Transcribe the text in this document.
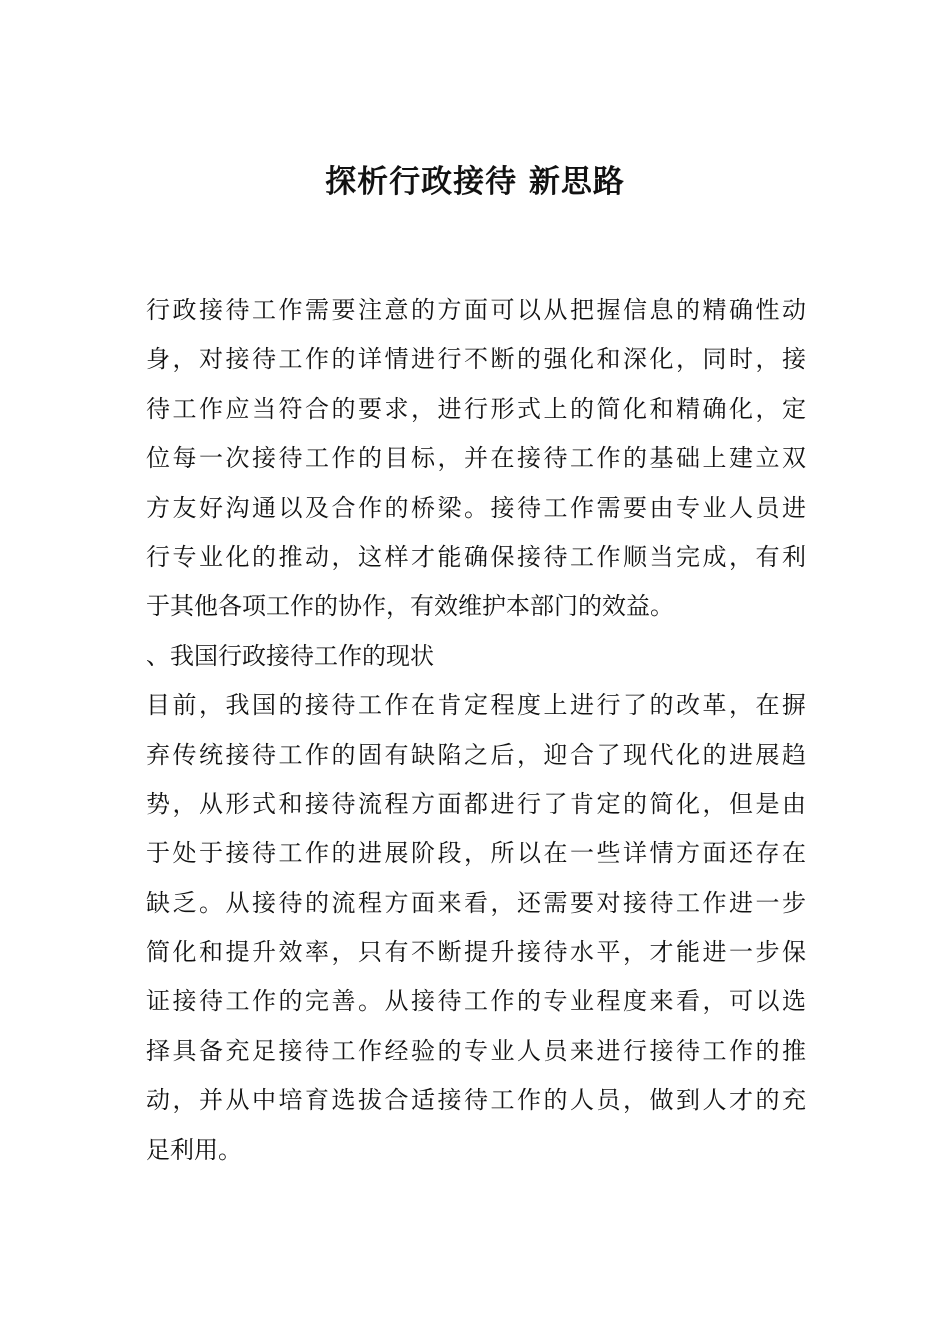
探析行政接待 新思路
行政接待工作需要注意的方面可以从把握信息的精确性动
身，对接待工作的详情进行不断的强化和深化，同时，接
待工作应当符合的要求，进行形式上的简化和精确化，定
位每一次接待工作的目标，并在接待工作的基础上建立双
方友好沟通以及合作的桥梁。接待工作需要由专业人员进
行专业化的推动，这样才能确保接待工作顺当完成，有利
于其他各项工作的协作，有效维护本部门的效益。
、我国行政接待工作的现状
目前，我国的接待工作在肯定程度上进行了的改革，在摒
弃传统接待工作的固有缺陷之后，迎合了现代化的进展趋
势，从形式和接待流程方面都进行了肯定的简化，但是由
于处于接待工作的进展阶段，所以在一些详情方面还存在
缺乏。从接待的流程方面来看，还需要对接待工作进一步
简化和提升效率，只有不断提升接待水平，才能进一步保
证接待工作的完善。从接待工作的专业程度来看，可以选
择具备充足接待工作经验的专业人员来进行接待工作的推
动，并从中培育选拔合适接待工作的人员，做到人才的充
足利用。
